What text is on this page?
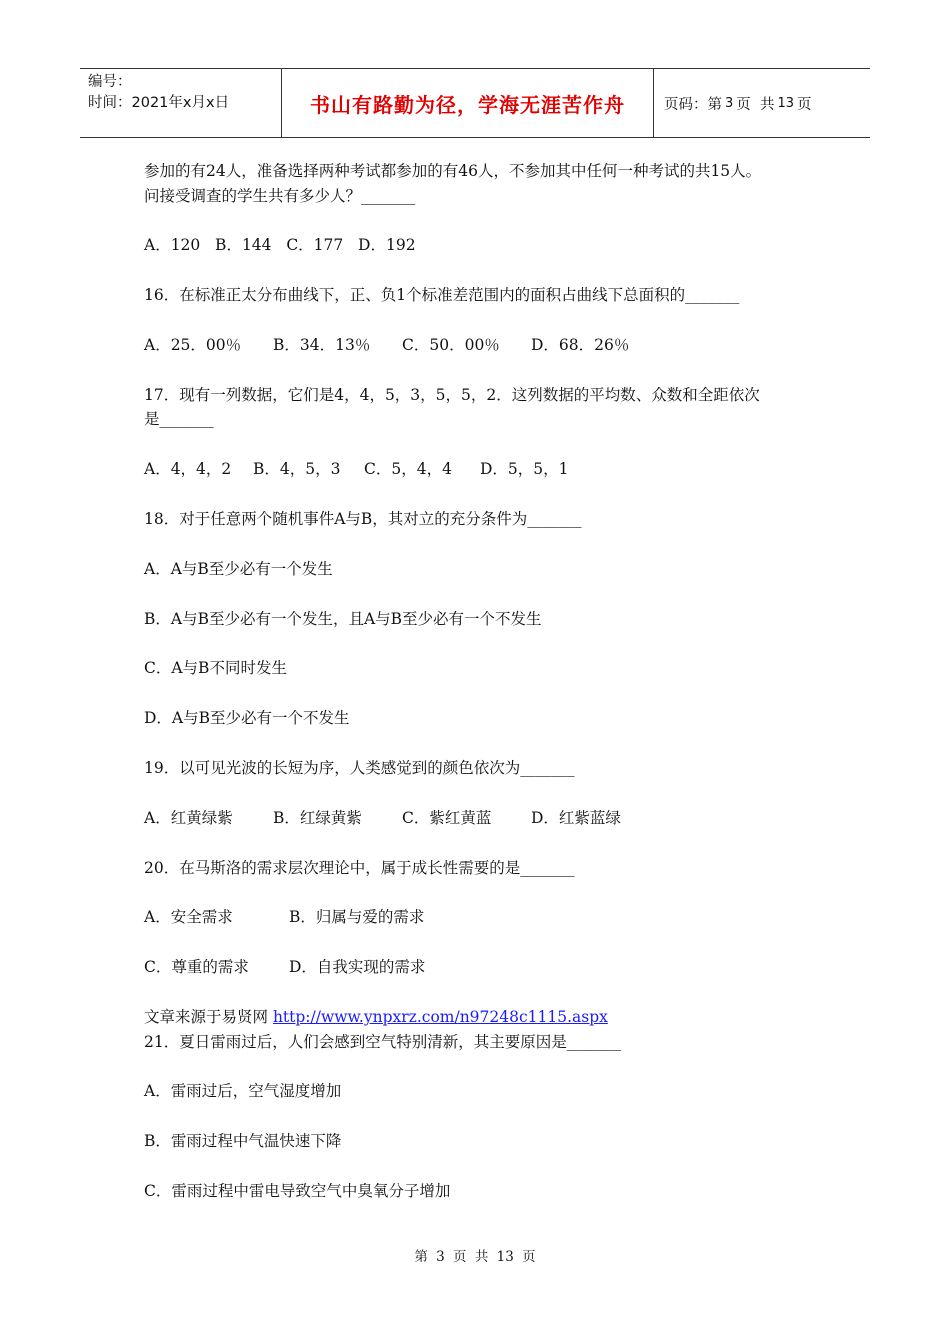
编号：
时间：2021年x月x日	书山有路勤为径，学海无涯苦作舟	页码：第 3 页  共 13 页
参加的有24人，准备选择两种考试都参加的有46人，不参加其中任何一种考试的共15人。
问接受调查的学生共有多少人？_______
A．120   B．144   C．177   D．192
16．在标准正太分布曲线下，正、负1个标准差范围内的面积占曲线下总面积的_______
A．25．00％ B．34．13％ C．50．00％ D．68．26％
17．现有一列数据，它们是4，4，5，3，5，5，2．这列数据的平均数、众数和全距依次
是_______
A．4，4，2 B．4，5，3 C．5，4，4 D．5，5，1
18．对于任意两个随机事件A与B，其对立的充分条件为_______
A．A与B至少必有一个发生
B．A与B至少必有一个发生，且A与B至少必有一个不发生
C．A与B不同时发生
D．A与B至少必有一个不发生
19．以可见光波的长短为序，人类感觉到的颜色依次为_______
A．红黄绿紫	B．红绿黄紫	C．紫红黄蓝	D．红紫蓝绿
20．在马斯洛的需求层次理论中，属于成长性需要的是_______
A．安全需求	B．归属与爱的需求
C．尊重的需求	D．自我实现的需求
文章来源于易贤网 http://www.ynpxrz.com/n97248c1115.aspx
21．夏日雷雨过后，人们会感到空气特别清新，其主要原因是_______
A．雷雨过后，空气湿度增加
B．雷雨过程中气温快速下降
C．雷雨过程中雷电导致空气中臭氧分子增加
第 3 页 共 13 页
